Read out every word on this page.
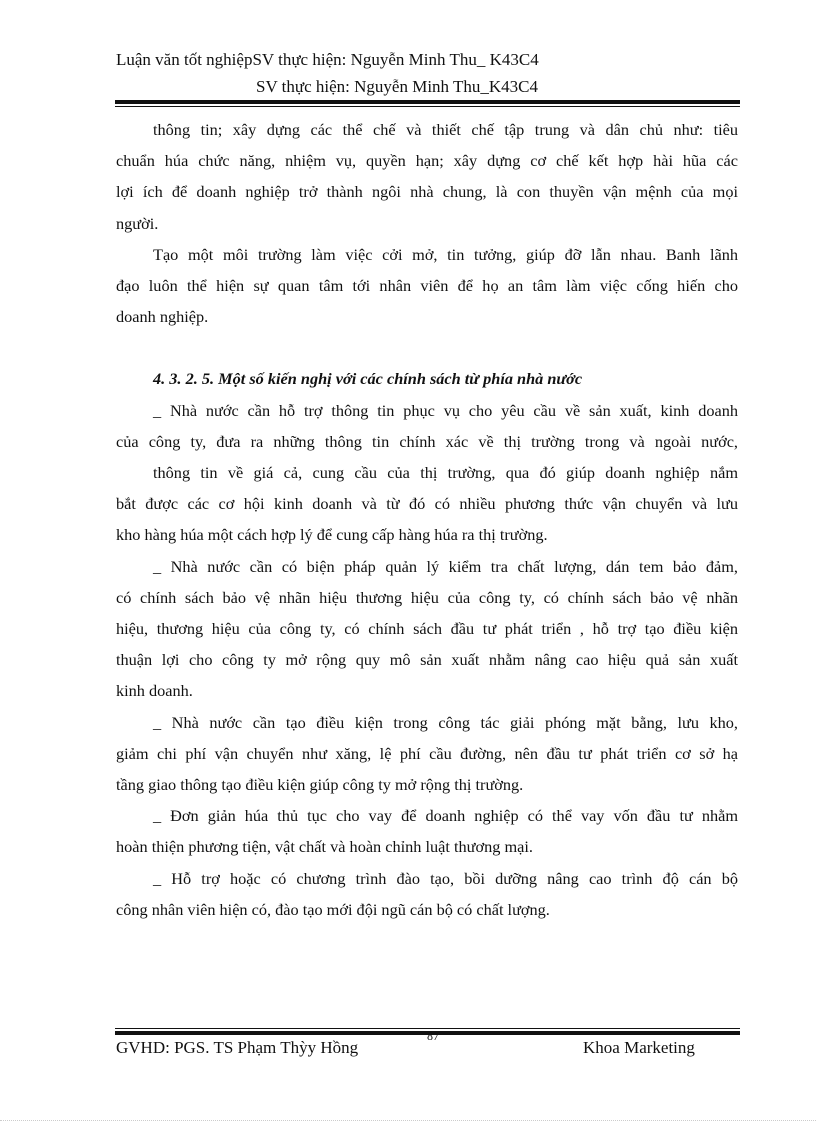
Luận văn tốt nghiệpSV thực hiện: Nguyễn Minh Thu_ K43C4
SV thực hiện: Nguyễn Minh Thu_K43C4

thông tin; xây dựng các thể chế và thiết chế tập trung và dân chủ như: tiêu

chuẩn húa chức năng, nhiệm vụ, quyền hạn; xây dựng cơ chế kết hợp hài hũa các

lợi ích để doanh nghiệp trở thành ngôi nhà chung, là con thuyền vận mệnh của mọi

người.

Tạo một môi trường làm việc cởi mở, tin tưởng, giúp đỡ lẫn nhau. Banh lãnh

đạo luôn thể hiện sự quan tâm tới nhân viên để họ an tâm làm việc cống hiến cho

doanh nghiệp.

4. 3. 2. 5. Một số kiến nghị với các chính sách từ phía nhà nước

_ Nhà nước cần hỗ trợ thông tin phục vụ cho yêu cầu về sản xuất, kinh doanh

của công ty, đưa ra những thông tin chính xác về thị trường trong và ngoài nước,

thông tin về giá cả, cung cầu của thị trường, qua đó giúp doanh nghiệp nắm

bắt được các cơ hội kinh doanh và từ đó có nhiều phương thức vận chuyển và lưu

kho hàng húa một cách hợp lý để cung cấp hàng húa ra thị trường.

_ Nhà nước cần có biện pháp quản lý kiểm tra chất lượng, dán tem bảo đảm,

có chính sách bảo vệ nhãn hiệu thương hiệu của công ty, có chính sách bảo vệ nhãn

hiệu, thương hiệu của công ty, có chính sách đầu tư phát triển , hỗ trợ tạo điều kiện

thuận lợi cho công ty mở rộng quy mô sản xuất nhằm nâng cao hiệu quả sản xuất

kinh doanh.

_ Nhà nước cần tạo điều kiện trong công tác giải phóng mặt bằng, lưu kho,

giảm chi phí vận chuyển như xăng, lệ phí cầu đường, nên đầu tư phát triển cơ sở hạ

tầng giao thông tạo điều kiện giúp công ty mở rộng thị trường.

_ Đơn giản húa thủ tục cho vay để doanh nghiệp có thể vay vốn đầu tư nhằm

hoàn thiện phương tiện, vật chất và hoàn chỉnh luật thương mại.

_ Hỗ trợ hoặc có chương trình đào tạo, bồi dưỡng nâng cao trình độ cán bộ

công nhân viên hiện có, đào tạo mới đội ngũ cán bộ có chất lượng.

87
GVHD: PGS. TS Phạm Thỳy Hồng	Khoa Marketing
